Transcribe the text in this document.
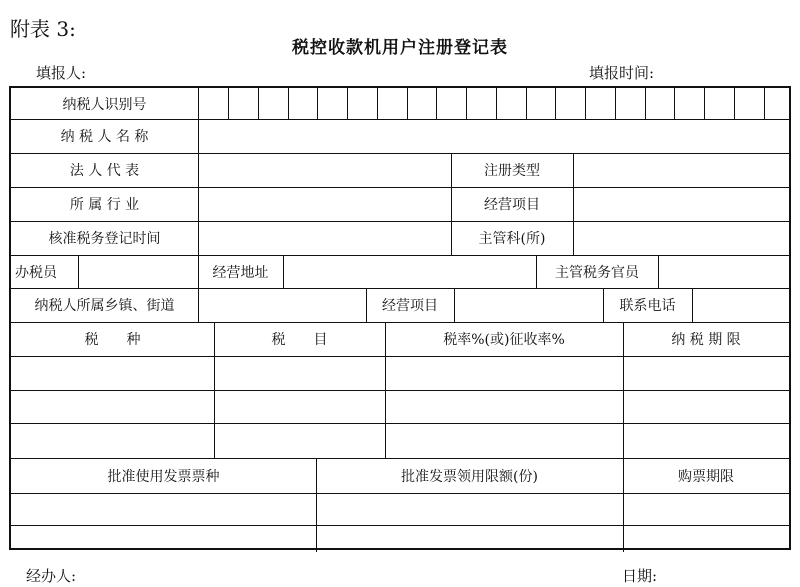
附表 3:
税控收款机用户注册登记表
填报人:	填报时间:
纳税人识别号
纳 税 人 名 称
法 人 代 表	注册类型
所 属 行 业	经营项目
核准税务登记时间	主管科(所)
办税员	经营地址	主管税务官员
纳税人所属乡镇、街道	经营项目	联系电话
税　　种	税　　目	税率%(或)征收率%	纳 税 期 限
批准使用发票票种	批准发票领用限额(份)	购票期限
经办人:	日期:
